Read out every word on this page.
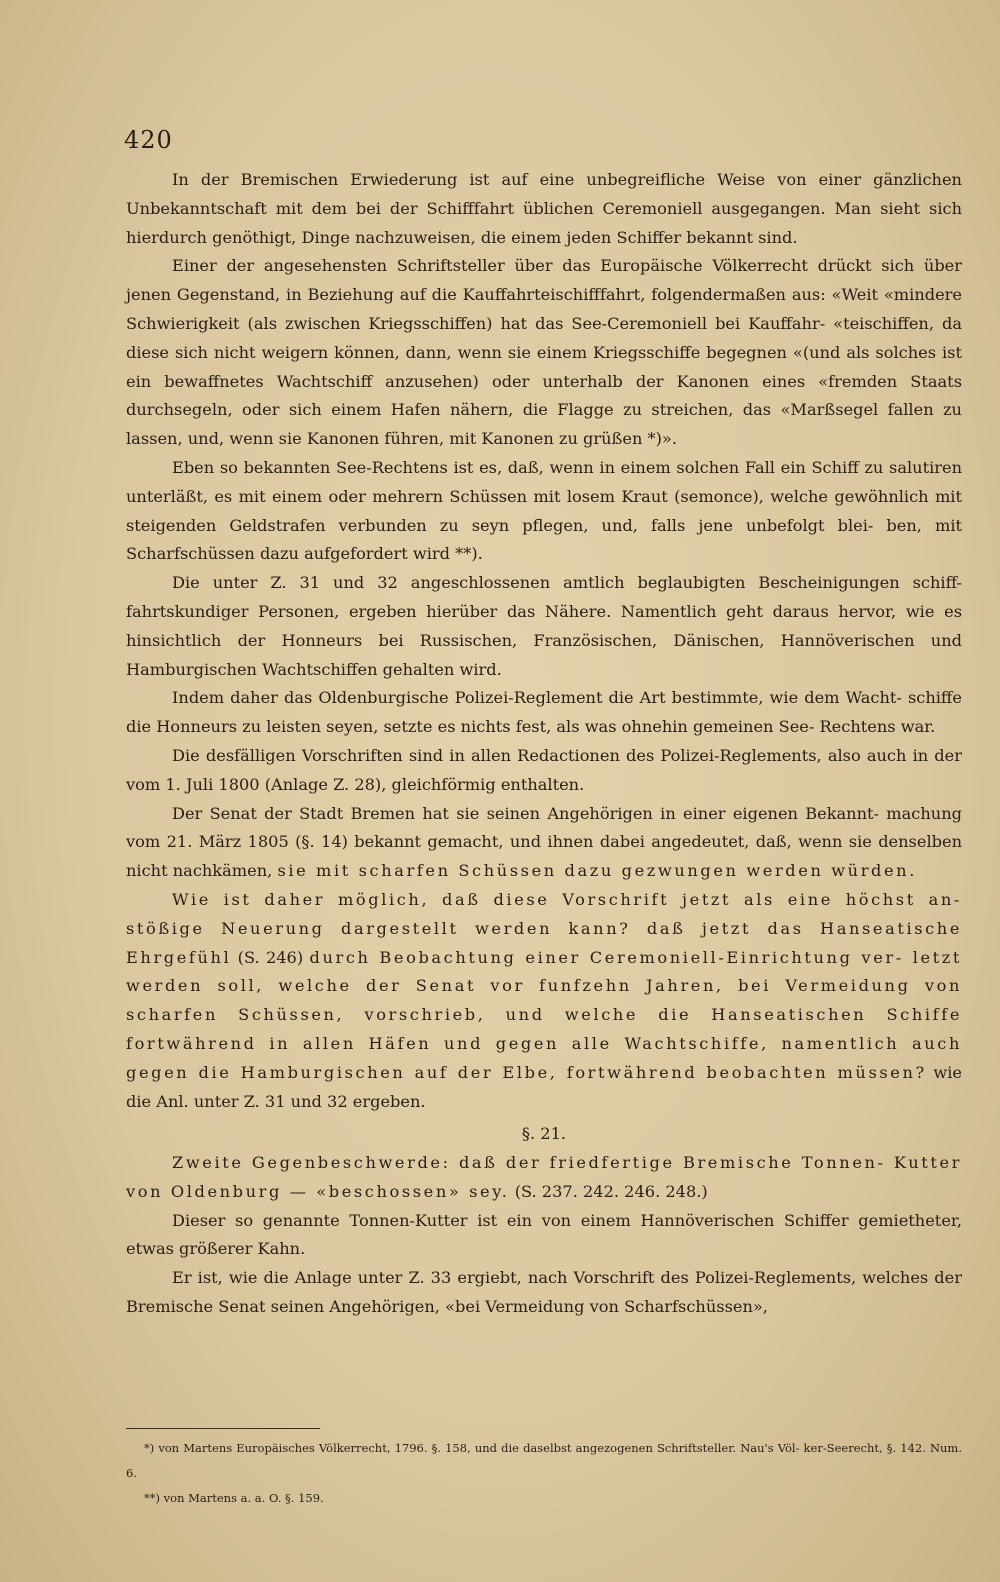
420

In der Bremischen Erwiederung ist auf eine unbegreifliche Weise von einer gänzlichen Unbekanntschaft mit dem bei der Schifffahrt üblichen Ceremoniell ausgegangen. Man sieht sich hierdurch genöthigt, Dinge nachzuweisen, die einem jeden Schiffer bekannt sind.

Einer der angesehensten Schriftsteller über das Europäische Völkerrecht drückt sich über jenen Gegenstand, in Beziehung auf die Kauffahrteischifffahrt, folgendermaßen aus: «Weit «mindere Schwierigkeit (als zwischen Kriegsschiffen) hat das See-Ceremoniell bei Kauffahr- «teischiffen, da diese sich nicht weigern können, dann, wenn sie einem Kriegsschiffe begegnen «(und als solches ist ein bewaffnetes Wachtschiff anzusehen) oder unterhalb der Kanonen eines «fremden Staats durchsegeln, oder sich einem Hafen nähern, die Flagge zu streichen, das «Marßsegel fallen zu lassen, und, wenn sie Kanonen führen, mit Kanonen zu grüßen *)».

Eben so bekannten See-Rechtens ist es, daß, wenn in einem solchen Fall ein Schiff zu salutiren unterläßt, es mit einem oder mehrern Schüssen mit losem Kraut (semonce), welche gewöhnlich mit steigenden Geldstrafen verbunden zu seyn pflegen, und, falls jene unbefolgt blei- ben, mit Scharfschüssen dazu aufgefordert wird **).

Die unter Z. 31 und 32 angeschlossenen amtlich beglaubigten Bescheinigungen schiff- fahrtskundiger Personen, ergeben hierüber das Nähere. Namentlich geht daraus hervor, wie es hinsichtlich der Honneurs bei Russischen, Französischen, Dänischen, Hannöverischen und Hamburgischen Wachtschiffen gehalten wird.

Indem daher das Oldenburgische Polizei-Reglement die Art bestimmte, wie dem Wacht- schiffe die Honneurs zu leisten seyen, setzte es nichts fest, als was ohnehin gemeinen See- Rechtens war.

Die desfälligen Vorschriften sind in allen Redactionen des Polizei-Reglements, also auch in der vom 1. Juli 1800 (Anlage Z. 28), gleichförmig enthalten.

Der Senat der Stadt Bremen hat sie seinen Angehörigen in einer eigenen Bekannt- machung vom 21. März 1805 (§. 14) bekannt gemacht, und ihnen dabei angedeutet, daß, wenn sie denselben nicht nachkämen, sie mit scharfen Schüssen dazu gezwungen werden würden.

Wie ist daher möglich, daß diese Vorschrift jetzt als eine höchst an- stößige Neuerung dargestellt werden kann? daß jetzt das Hanseatische Ehrgefühl (S. 246) durch Beobachtung einer Ceremoniell-Einrichtung ver- letzt werden soll, welche der Senat vor funfzehn Jahren, bei Vermeidung von scharfen Schüssen, vorschrieb, und welche die Hanseatischen Schiffe fortwährend in allen Häfen und gegen alle Wachtschiffe, namentlich auch gegen die Hamburgischen auf der Elbe, fortwährend beobachten müssen? wie die Anl. unter Z. 31 und 32 ergeben.

§. 21.

Zweite Gegenbeschwerde: daß der friedfertige Bremische Tonnen- Kutter von Oldenburg — «beschossen» sey. (S. 237. 242. 246. 248.)

Dieser so genannte Tonnen-Kutter ist ein von einem Hannöverischen Schiffer gemietheter, etwas größerer Kahn.

Er ist, wie die Anlage unter Z. 33 ergiebt, nach Vorschrift des Polizei-Reglements, welches der Bremische Senat seinen Angehörigen, «bei Vermeidung von Scharfschüssen»,

*) von Martens Europäisches Völkerrecht, 1796. §. 158, und die daselbst angezogenen Schriftsteller. Nau's Völ- ker-Seerecht, §. 142. Num. 6.

**) von Martens a. a. O. §. 159.
